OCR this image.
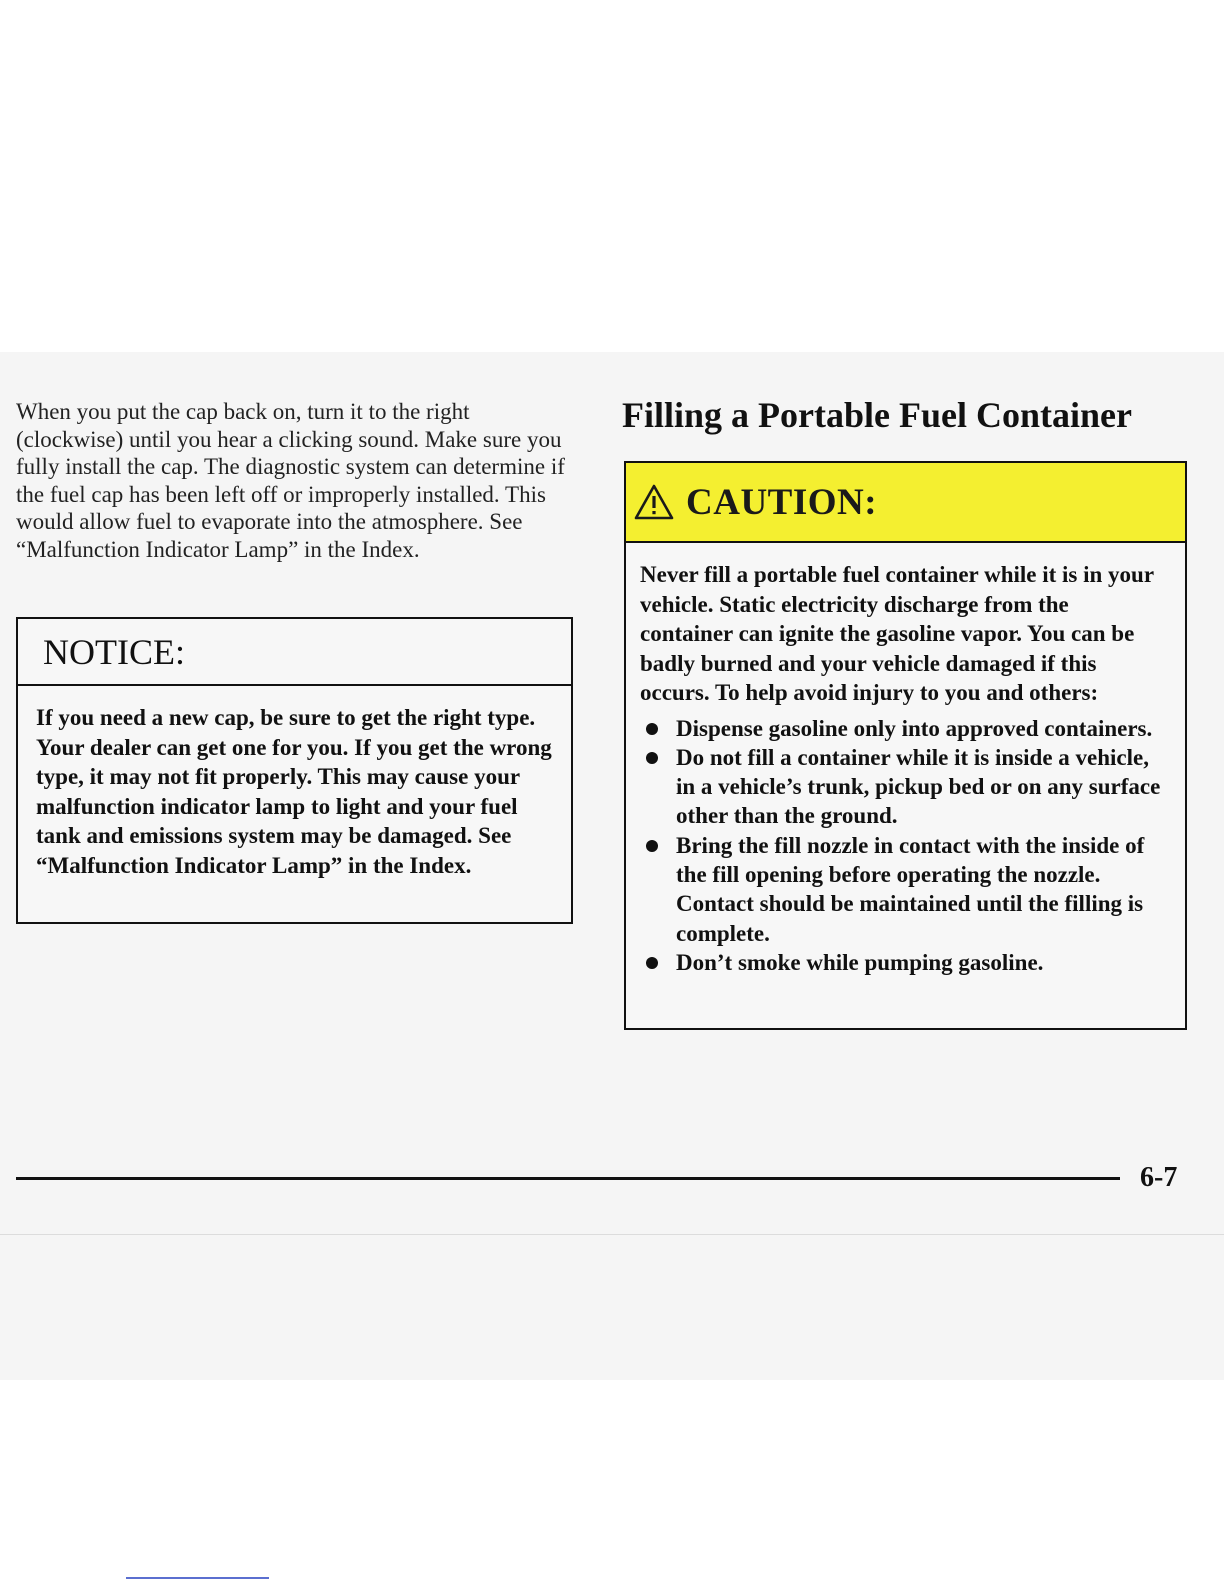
When you put the cap back on, turn it to the right (clockwise) until you hear a clicking sound. Make sure you fully install the cap. The diagnostic system can determine if the fuel cap has been left off or improperly installed. This would allow fuel to evaporate into the atmosphere. See “Malfunction Indicator Lamp” in the Index.

NOTICE:

If you need a new cap, be sure to get the right type. Your dealer can get one for you. If you get the wrong type, it may not fit properly. This may cause your malfunction indicator lamp to light and your fuel tank and emissions system may be damaged. See “Malfunction Indicator Lamp” in the Index.

Filling a Portable Fuel Container
CAUTION:

Never fill a portable fuel container while it is in your vehicle. Static electricity discharge from the container can ignite the gasoline vapor. You can be badly burned and your vehicle damaged if this occurs. To help avoid injury to you and others:

Dispense gasoline only into approved containers.
Do not fill a container while it is inside a vehicle, in a vehicle’s trunk, pickup bed or on any surface other than the ground.
Bring the fill nozzle in contact with the inside of the fill opening before operating the nozzle. Contact should be maintained until the filling is complete.
Don’t smoke while pumping gasoline.
6-7
